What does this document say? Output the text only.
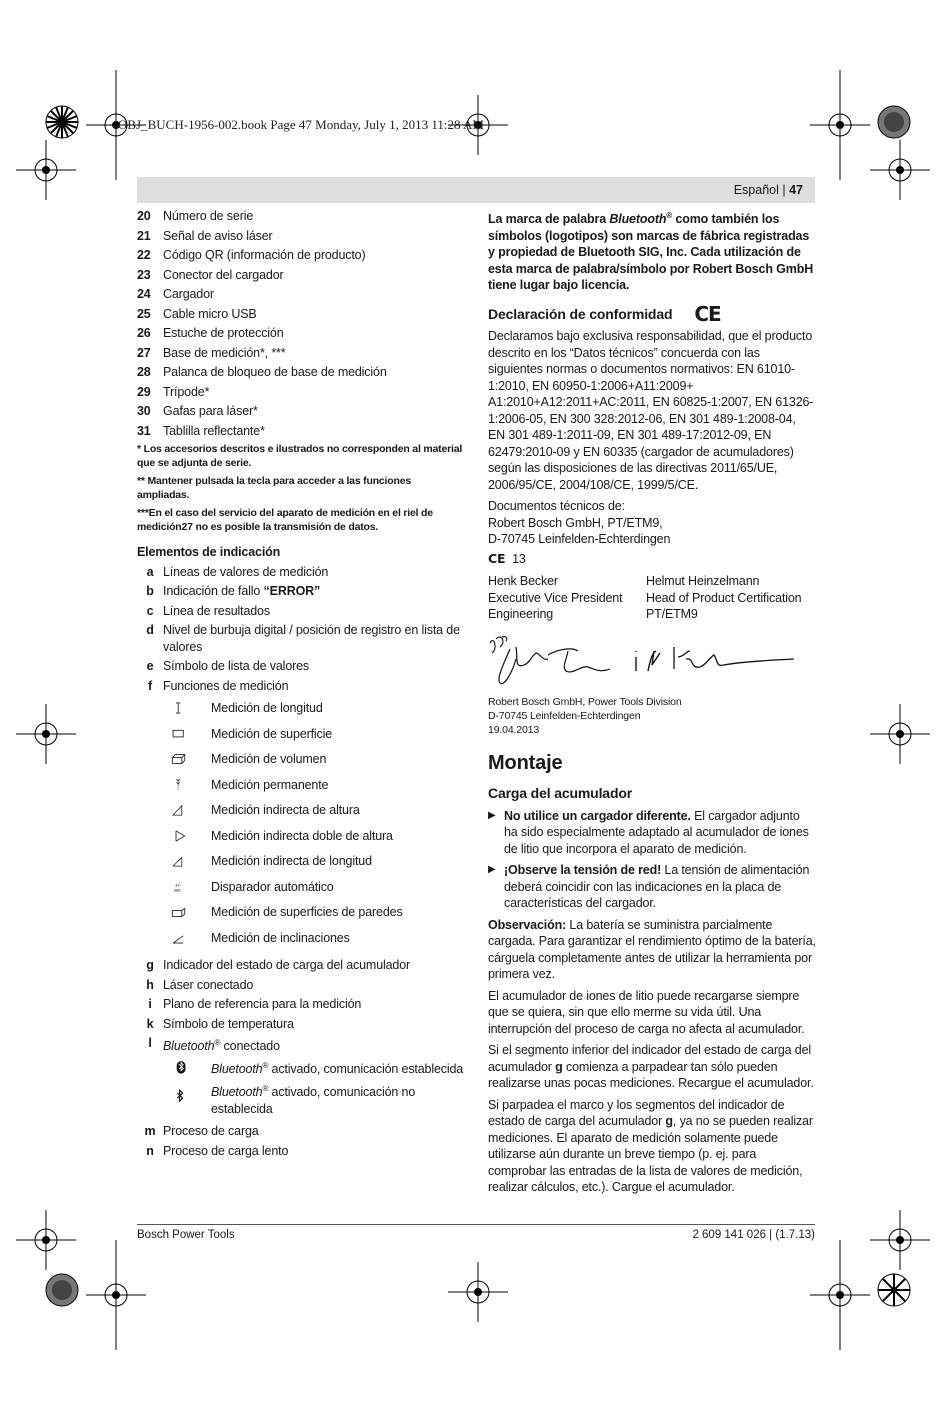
OBJ_BUCH-1956-002.book Page 47 Monday, July 1, 2013 11:28 AM
Español | 47
20 Número de serie
21 Señal de aviso láser
22 Código QR (información de producto)
23 Conector del cargador
24 Cargador
25 Cable micro USB
26 Estuche de protección
27 Base de medición*, ***
28 Palanca de bloqueo de base de medición
29 Trípode*
30 Gafas para láser*
31 Tablilla reflectante*
* Los accesorios descritos e ilustrados no corresponden al material que se adjunta de serie.
** Mantener pulsada la tecla para acceder a las funciones ampliadas.
***En el caso del servicio del aparato de medición en el riel de medición27 no es posible la transmisión de datos.
Elementos de indicación
a Líneas de valores de medición
b Indicación de fallo “ERROR”
c Línea de resultados
d Nivel de burbuja digital / posición de registro en lista de valores
e Símbolo de lista de valores
f Funciones de medición
Medición de longitud
Medición de superficie
Medición de volumen
Medición permanente
Medición indirecta de altura
Medición indirecta doble de altura
Medición indirecta de longitud
+/-
sec Disparador automático
Medición de superficies de paredes
Medición de inclinaciones
g Indicador del estado de carga del acumulador
h Láser conectado
i Plano de referencia para la medición
k Símbolo de temperatura
l Bluetooth® conectado
Bluetooth® activado, comunicación establecida
Bluetooth® activado, comunicación no establecida
m Proceso de carga
n Proceso de carga lento

La marca de palabra Bluetooth® como también los símbolos (logotipos) son marcas de fábrica registradas y propiedad de Bluetooth SIG, Inc. Cada utilización de esta marca de palabra/símbolo por Robert Bosch GmbH tiene lugar bajo licencia.

Declaración de conformidad CE

Declaramos bajo exclusiva responsabilidad, que el producto descrito en los “Datos técnicos” concuerda con las siguientes normas o documentos normativos: EN 61010-1:2010, EN 60950-1:2006+A11:2009+ A1:2010+A12:2011+AC:2011, EN 60825-1:2007, EN 61326-1:2006-05, EN 300 328:2012-06, EN 301 489-1:2008-04, EN 301 489-1:2011-09, EN 301 489-17:2012-09, EN 62479:2010-09 y EN 60335 (cargador de acumuladores) según las disposiciones de las directivas 2011/65/UE, 2006/95/CE, 2004/108/CE, 1999/5/CE.

Documentos técnicos de:
Robert Bosch GmbH, PT/ETM9,
D-70745 Leinfelden-Echterdingen

CE 13
Henk Becker
Executive Vice President
Engineering
Helmut Heinzelmann
Head of Product Certification
PT/ETM9
Robert Bosch GmbH, Power Tools Division
D-70745 Leinfelden-Echterdingen
19.04.2013
Montaje
Carga del acumulador
▶ No utilice un cargador diferente. El cargador adjunto ha sido especialmente adaptado al acumulador de iones de litio que incorpora el aparato de medición.
▶ ¡Observe la tensión de red! La tensión de alimentación deberá coincidir con las indicaciones en la placa de características del cargador.

Observación: La batería se suministra parcialmente cargada. Para garantizar el rendimiento óptimo de la batería, cárguela completamente antes de utilizar la herramienta por primera vez.

El acumulador de iones de litio puede recargarse siempre que se quiera, sin que ello merme su vida útil. Una interrupción del proceso de carga no afecta al acumulador.

Si el segmento inferior del indicador del estado de carga del acumulador g comienza a parpadear tan sólo pueden realizarse unas pocas mediciones. Recargue el acumulador.

Si parpadea el marco y los segmentos del indicador de estado de carga del acumulador g, ya no se pueden realizar mediciones. El aparato de medición solamente puede utilizarse aún durante un breve tiempo (p. ej. para comprobar las entradas de la lista de valores de medición, realizar cálculos, etc.). Cargue el acumulador.

Bosch Power Tools	2 609 141 026 | (1.7.13)
